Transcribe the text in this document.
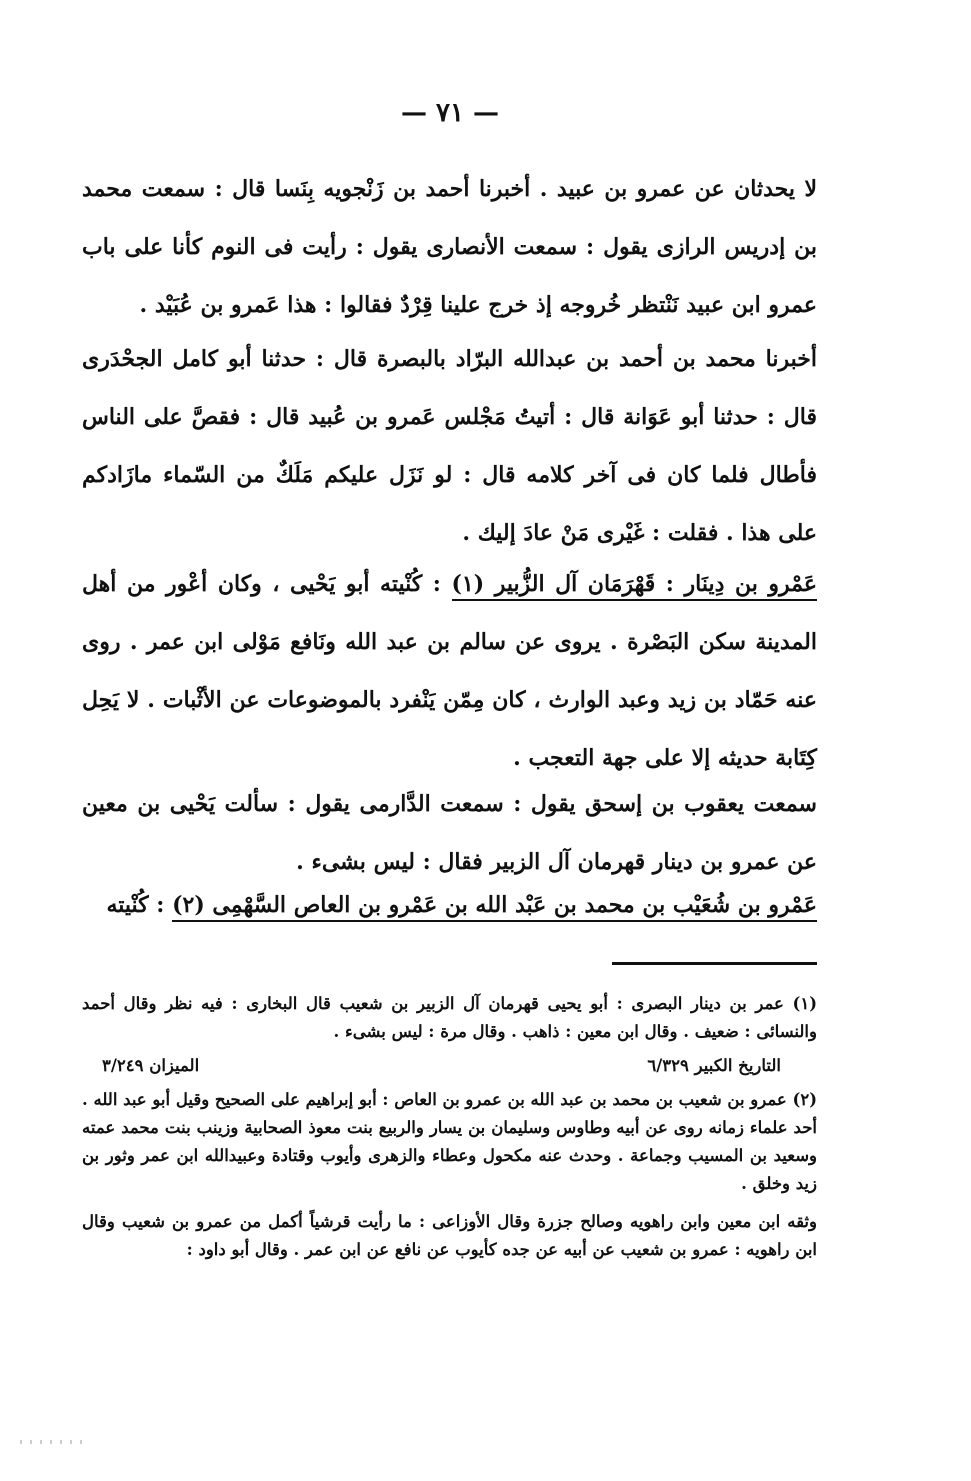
— ٧١ —

لا يحدثان عن عمرو بن عبيد . أخبرنا أحمد بن زَنْجويه بِنَسا قال : سمعت محمد بن إدريس الرازى يقول : سمعت الأنصارى يقول : رأيت فى النوم كأنا على باب عمرو ابن عبيد نَنْتظر خُروجه إذ خرج علينا قِرْدٌ فقالوا : هذا عَمرو بن عُبَيْد .

أخبرنا محمد بن أحمد بن عبدالله البرّاد بالبصرة قال : حدثنا أبو كامل الجحْدَرى قال : حدثنا أبو عَوَانة قال : أتيتُ مَجْلس عَمرو بن عُبيد قال : فقصَّ على الناس فأطال فلما كان فى آخر كلامه قال : لو نَزَل عليكم مَلَكٌ من السّماء مازَادكم على هذا . فقلت : غَيْرى مَنْ عادَ إليك .

عَمْرو بن دِينَار : قَهْرَمَان آل الزُّبير (١) : كُنْيته أبو يَحْيى ، وكان أعْور من أهل المدينة سكن البَصْرة . يروى عن سالم بن عبد الله ونَافع مَوْلى ابن عمر . روى عنه حَمّاد بن زيد وعبد الوارث ، كان مِمّن يَنْفرد بالموضوعات عن الأثْبات . لا يَحِل كِتَابة حديثه إلا على جهة التعجب .

سمعت يعقوب بن إسحق يقول : سمعت الدَّارمى يقول : سألت يَحْيى بن معين عن عمرو بن دينار قهرمان آل الزبير فقال : ليس بشىء .

عَمْرو بن شُعَيْب بن محمد بن عَبْد الله بن عَمْرو بن العاص السَّهْمِى (٢) : كُنْيته

(١) عمر بن دينار البصرى : أبو يحيى قهرمان آل الزبير بن شعيب قال البخارى : فيه نظر وقال أحمد والنسائى : ضعيف . وقال ابن معين : ذاهب . وقال مرة : ليس بشىء .

التاريخ الكبير ٦/٣٢٩
الميزان ٣/٢٤٩

(٢) عمرو بن شعيب بن محمد بن عبد الله بن عمرو بن العاص : أبو إبراهيم على الصحيح وقيل أبو عبد الله . أحد علماء زمانه روى عن أبيه وطاوس وسليمان بن يسار والربيع بنت معوذ الصحابية وزينب بنت محمد عمته وسعيد بن المسيب وجماعة . وحدث عنه مكحول وعطاء والزهرى وأيوب وقتادة وعبيدالله ابن عمر وثور بن زيد وخلق .

وثقه ابن معين وابن راهويه وصالح جزرة وقال الأوزاعى : ما رأيت قرشياً أكمل من عمرو بن شعيب وقال ابن راهويه : عمرو بن شعيب عن أبيه عن جده كأيوب عن نافع عن ابن عمر . وقال أبو داود :
